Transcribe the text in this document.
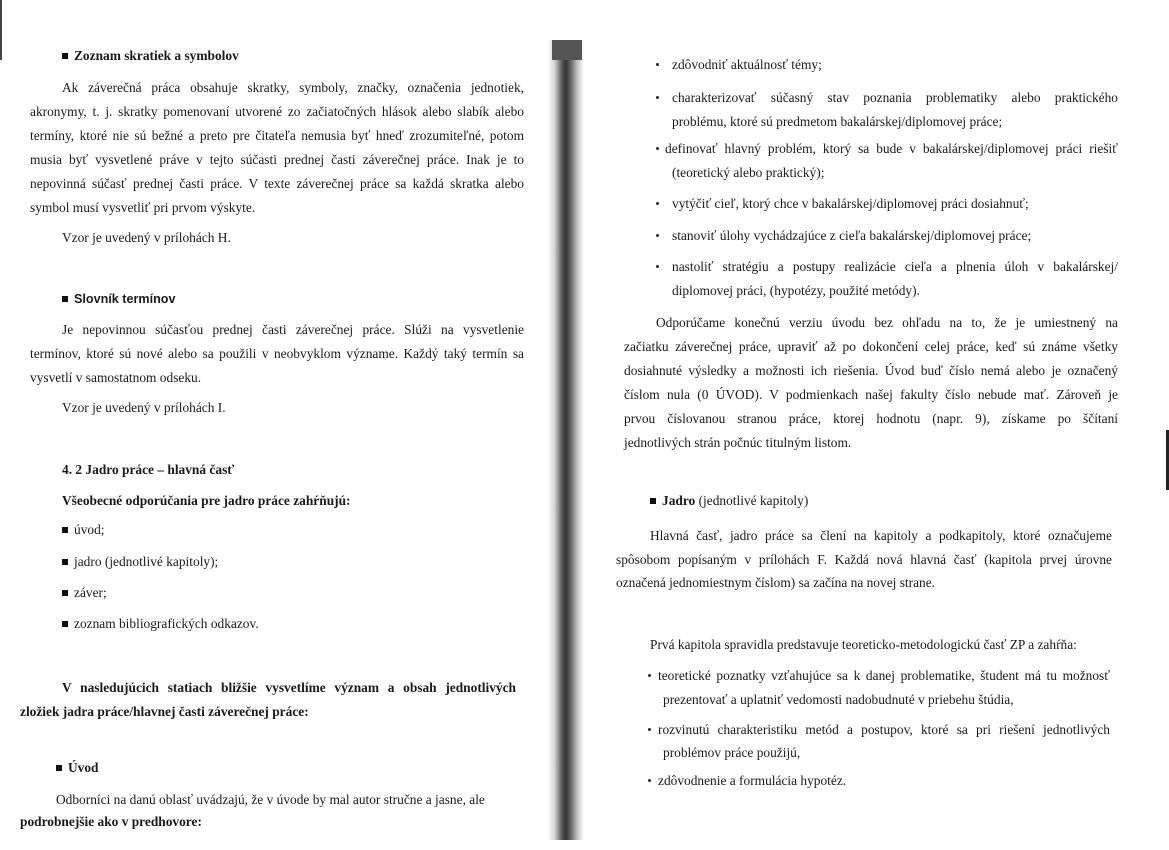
Zoznam skratiek a symbolov
Ak záverečná práca obsahuje skratky, symboly, značky, označenia jednotiek,
akronymy, t. j. skratky pomenovaní utvorené zo začiatočných hlások alebo slabík alebo
termíny, ktoré nie sú bežné a preto pre čitateľa nemusia byť hneď zrozumiteľné, potom
musia byť vysvetlené práve v tejto súčasti prednej časti záverečnej práce. Inak je to
nepovinná súčasť prednej časti práce. V texte záverečnej práce sa každá skratka alebo
symbol musí vysvetliť pri prvom výskyte.
Vzor je uvedený v prílohách H.
Slovník termínov
Je nepovinnou súčasťou prednej časti záverečnej práce. Slúži na vysvetlenie
termínov, ktoré sú nové alebo sa použili v neobvyklom význame. Každý taký termín sa
vysvetlí v samostatnom odseku.
Vzor je uvedený v prílohách I.
4. 2 Jadro práce – hlavná časť
Všeobecné odporúčania pre jadro práce zahŕňujú:
úvod;
jadro (jednotlivé kapitoly);
záver;
zoznam bibliografických odkazov.
V nasledujúcich statiach bližšie vysvetlíme význam a obsah jednotlivých
zložiek jadra práce/hlavnej časti záverečnej práce:
Úvod
Odborníci na danú oblasť uvádzajú, že v úvode by mal autor stručne a jasne, ale
podrobnejšie ako v predhovore:
zdôvodniť aktuálnosť témy;
charakterizovať súčasný stav poznania problematiky alebo praktického
problému, ktoré sú predmetom bakalárskej/diplomovej práce;
definovať hlavný problém, ktorý sa bude v bakalárskej/diplomovej práci riešiť
(teoretický alebo praktický);
vytýčiť cieľ, ktorý chce v bakalárskej/diplomovej práci dosiahnuť;
stanoviť úlohy vychádzajúce z cieľa bakalárskej/diplomovej práce;
nastoliť stratégiu a postupy realizácie cieľa a plnenia úloh v bakalárskej/
diplomovej práci, (hypotézy, použité metódy).
Odporúčame konečnú verziu úvodu bez ohľadu na to, že je umiestnený na
začiatku záverečnej práce, upraviť až po dokončení celej práce, keď sú známe všetky
dosiahnuté výsledky a možnosti ich riešenia. Úvod buď číslo nemá alebo je označený
číslom nula (0 ÚVOD). V podmienkach našej fakulty číslo nebude mať. Zároveň je
prvou číslovanou stranou práce, ktorej hodnotu (napr. 9), získame po ščítaní
jednotlivých strán počnúc titulným listom.
Jadro (jednotlivé kapitoly)
Hlavná časť, jadro práce sa člení na kapitoly a podkapitoly, ktoré označujeme
spôsobom popísaným v prílohách F. Každá nová hlavná časť (kapitola prvej úrovne
označená jednomiestnym číslom) sa začína na novej strane.
Prvá kapitola spravidla predstavuje teoreticko-metodologickú časť ZP a zahŕňa:
teoretické poznatky vzťahujúce sa k danej problematike, študent má tu možnosť
prezentovať a uplatniť vedomosti nadobudnuté v priebehu štúdia,
rozvinutú charakteristiku metód a postupov, ktoré sa pri riešení jednotlivých
problémov práce použijú,
zdôvodnenie a formulácia hypotéz.
